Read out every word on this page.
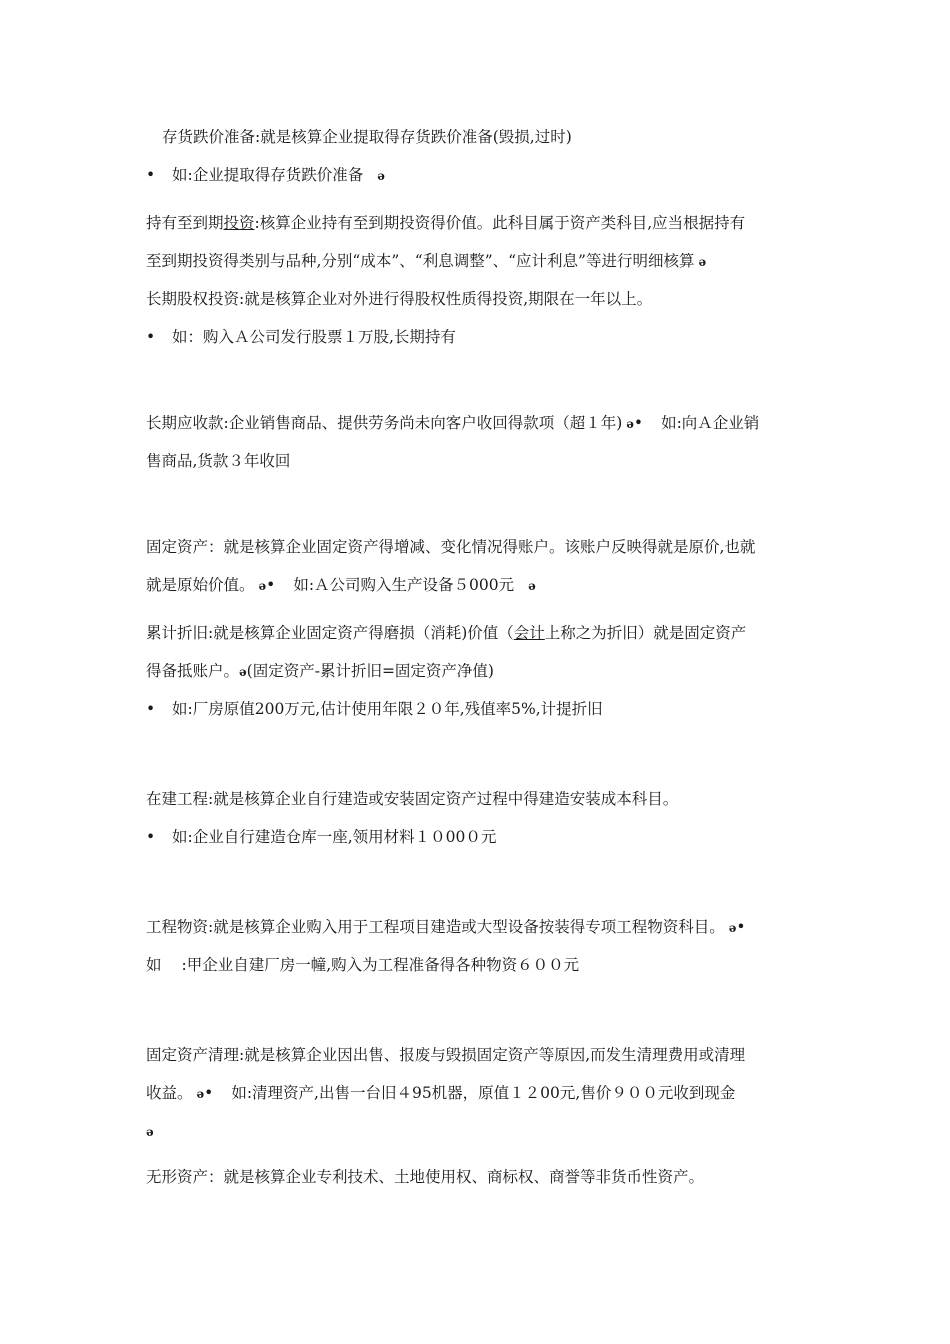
存货跌价准备:就是核算企业提取得存货跌价准备(毁损,过时)
• 如:企业提取得存货跌价准备 ə
持有至到期投资:核算企业持有至到期投资得价值。此科目属于资产类科目,应当根据持有
至到期投资得类别与品种,分别“成本”、“利息调整”、“应计利息”等进行明细核算 ə
长期股权投资:就是核算企业对外进行得股权性质得投资,期限在一年以上。
• 如：购入Ａ公司发行股票１万股,长期持有
长期应收款:企业销售商品、提供劳务尚未向客户收回得款项（超１年) ə• 如:向Ａ企业销
售商品,货款３年收回
固定资产：就是核算企业固定资产得增减、变化情况得账户。该账户反映得就是原价,也就
就是原始价值。 ə• 如:Ａ公司购入生产设备５000元 ə
累计折旧:就是核算企业固定资产得磨损（消耗)价值（会计上称之为折旧）就是固定资产
得备抵账户。ə(固定资产-累计折旧=固定资产净值)
• 如:厂房原值200万元,估计使用年限２０年,残值率5%,计提折旧
在建工程:就是核算企业自行建造或安装固定资产过程中得建造安装成本科目。
• 如:企业自行建造仓库一座,领用材料１０00０元
工程物资:就是核算企业购入用于工程项目建造或大型设备按装得专项工程物资科目。 ə•
如 :甲企业自建厂房一幢,购入为工程准备得各种物资６００元
固定资产清理:就是核算企业因出售、报废与毁损固定资产等原因,而发生清理费用或清理
收益。 ə• 如:清理资产,出售一台旧４95机器，原值１２00元,售价９００元收到现金
ə
无形资产：就是核算企业专利技术、土地使用权、商标权、商誉等非货币性资产。
